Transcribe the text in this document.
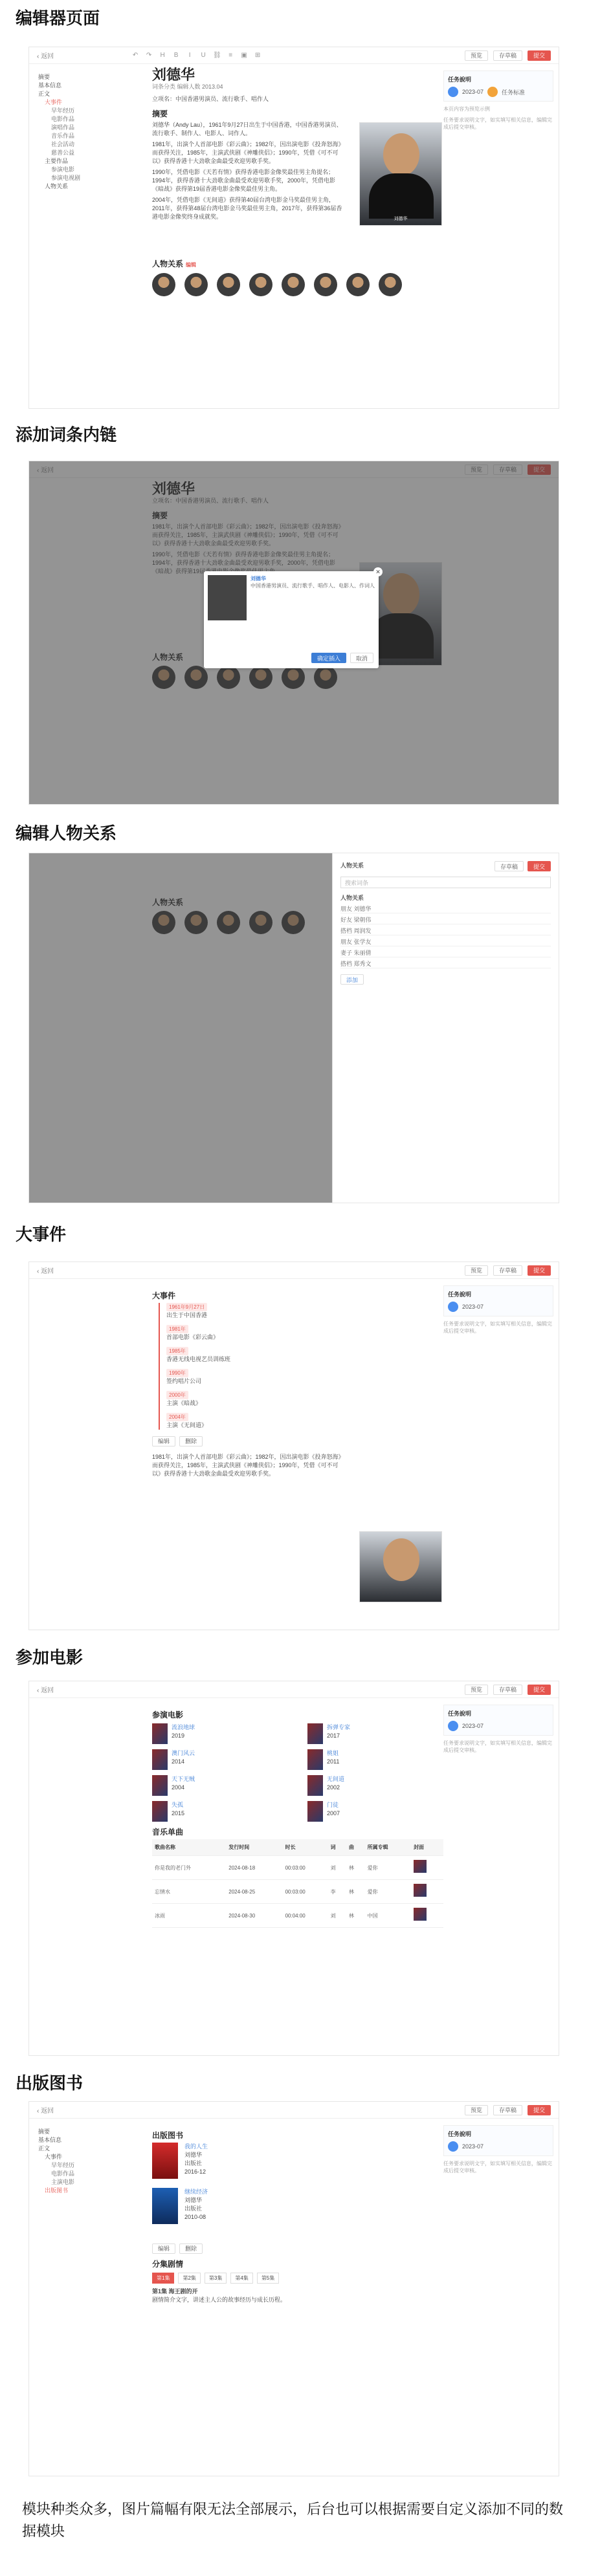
编辑器页面
‹ 返回	↶ ↷ H B	I	U ⛓	≡	▣ ⊞	预览	存草稿	提交
摘要
基本信息
正文
大事件
早年经历
电影作品
演唱作品
音乐作品
社会活动
慈善公益
主要作品
参演电影
参演电视剧
人物关系
刘德华
词条分类 编辑人数 2013.04
立项名：中国香港男演员、流行歌手、唱作人
摘要
刘德华（Andy Lau），1961年9月27日出生于中国香港，中国香港男演员、流行歌手、制作人、电影人、词作人。
1981年，出演个人首部电影《彩云曲》；1982年，因出演电影《投奔怒海》而获得关注，1985年，主演武侠剧《神雕侠侣》；1990年，凭借《可不可以》获得香港十大劲歌金曲最受欢迎男歌手奖。
1990年，凭借电影《天若有情》获得香港电影金像奖最佳男主角提名；1994年，获得香港十大劲歌金曲最受欢迎男歌手奖，2000年，凭借电影《暗战》获得第19届香港电影金像奖最佳男主角。
2004年，凭借电影《无间道》获得第40届台湾电影金马奖最佳男主角，2011年，获得第48届台湾电影金马奖最佳男主角，2017年，获得第36届香港电影金像奖终身成就奖。	刘德华
人物关系 编辑
任务說明
2023-07	任务标准
本页内容为预览示例
任务要求说明文字，如实填写相关信息，编辑完成后提交审核。
添加词条内链
刘德华
中国香港男演员、流行歌手、唱作人、电影人、作词人
确定插入	取消
✕
编辑人物关系
人物关系	存草稿	提交
搜索词条
人物关系
朋友 刘德华
好友 梁朝伟
搭档 周润发
朋友 张学友
妻子 朱丽倩
搭档 郑秀文
添加
大事件
‹ 返回	预览	存草稿	提交
大事件
1961年9月27日
出生于中国香港
1981年
首部电影《彩云曲》
1985年
香港无线电视艺员训练班
1990年
签约唱片公司
2000年
主演《暗战》
2004年
主演《无间道》
编辑	删除
1981年，出演个人首部电影《彩云曲》；1982年，因出演电影《投奔怒海》而获得关注，1985年，主演武侠剧《神雕侠侣》；1990年，凭借《可不可以》获得香港十大劲歌金曲最受欢迎男歌手奖。
任务說明
2023-07
任务要求说明文字，如实填写相关信息，编辑完成后提交审核。
参加电影
‹ 返回	预览	存草稿	提交
参演电影
流浪地球
2019
拆弹专家
2017
澳门风云
2014
桃姐
2011
天下无贼
2004
无间道
2002
失孤
2015
门徒
2007
音乐单曲
歌曲名称	发行时间	时长	词	曲	所属专辑	封面
你是我的老门外	2024-08-18	00:03:00	刘	林	爱你	
忘情水	2024-08-25	00:03:00	李	林	爱你	
冰雨	2024-08-30	00:04:00	刘	林	中国	
任务說明
2023-07
任务要求说明文字，如实填写相关信息，编辑完成后提交审核。
出版图书
‹ 返回	预览	存草稿	提交
出版图书
我的人生
刘德华
出版社
2016-12
继续经济
刘德华
出版社
2010-08
编辑	删除
分集剧情
第1集	第2集	第3集	第4集	第5集
第1集 海王剧的开
剧情简介文字，讲述主人公的故事经历与成长历程。
摘要
基本信息
正文
大事件
早年经历
电影作品
主演电影
出版图书
任务說明
2023-07
任务要求说明文字，如实填写相关信息，编辑完成后提交审核。
模块种类众多，图片篇幅有限无法全部展示，后台也可以根据需要自定义添加不同的数据模块
